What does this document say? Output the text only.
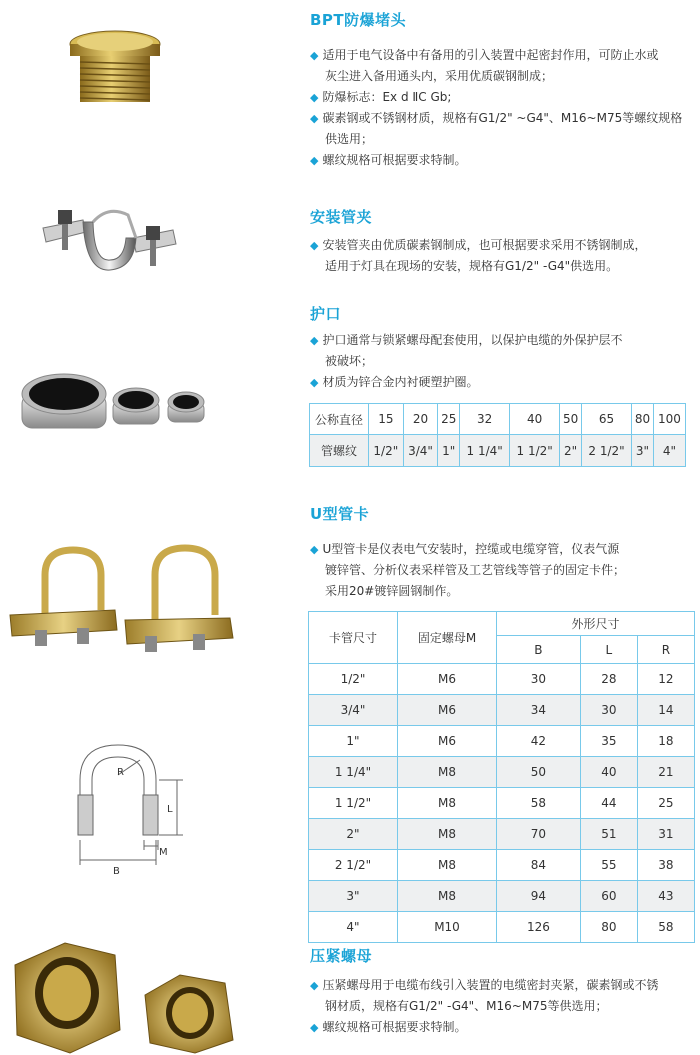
R
L
M
B
BPT防爆堵头
◆ 适用于电气设备中有备用的引入装置中起密封作用，可防止水或
灰尘进入备用通头内，采用优质碳钢制成；
◆ 防爆标志：Ex d ⅡC Gb;
◆ 碳素钢或不锈钢材质，规格有G1/2" ~G4"、M16~M75等螺纹规格
供选用；
◆ 螺纹规格可根据要求特制。
安装管夹
◆ 安装管夹由优质碳素钢制成，也可根据要求采用不锈钢制成，
适用于灯具在现场的安装，规格有G1/2" -G4"供选用。
护口
◆ 护口通常与锁紧螺母配套使用，以保护电缆的外保护层不
被破坏；
◆ 材质为锌合金内衬硬塑护圈。
公称直径	15	20	25	32	40	50	65	80	100
管螺纹	1/2"	3/4"	1"	1 1/4"	1 1/2"	2"	2 1/2"	3"	4"
U型管卡
◆ U型管卡是仪表电气安装时，控缆或电缆穿管，仪表气源
镀锌管、分析仪表采样管及工艺管线等管子的固定卡件；
采用20#镀锌圆钢制作。
卡管尺寸	固定螺母M	外形尺寸		
		B	L	R
1/2"	M6	30	28	12
3/4"	M6	34	30	14
1"	M6	42	35	18
1 1/4"	M8	50	40	21
1 1/2"	M8	58	44	25
2"	M8	70	51	31
2 1/2"	M8	84	55	38
3"	M8	94	60	43
4"	M10	126	80	58
压紧螺母
◆ 压紧螺母用于电缆布线引入装置的电缆密封夹紧，碳素钢或不锈
钢材质，规格有G1/2" -G4"、M16~M75等供选用；
◆ 螺纹规格可根据要求特制。
